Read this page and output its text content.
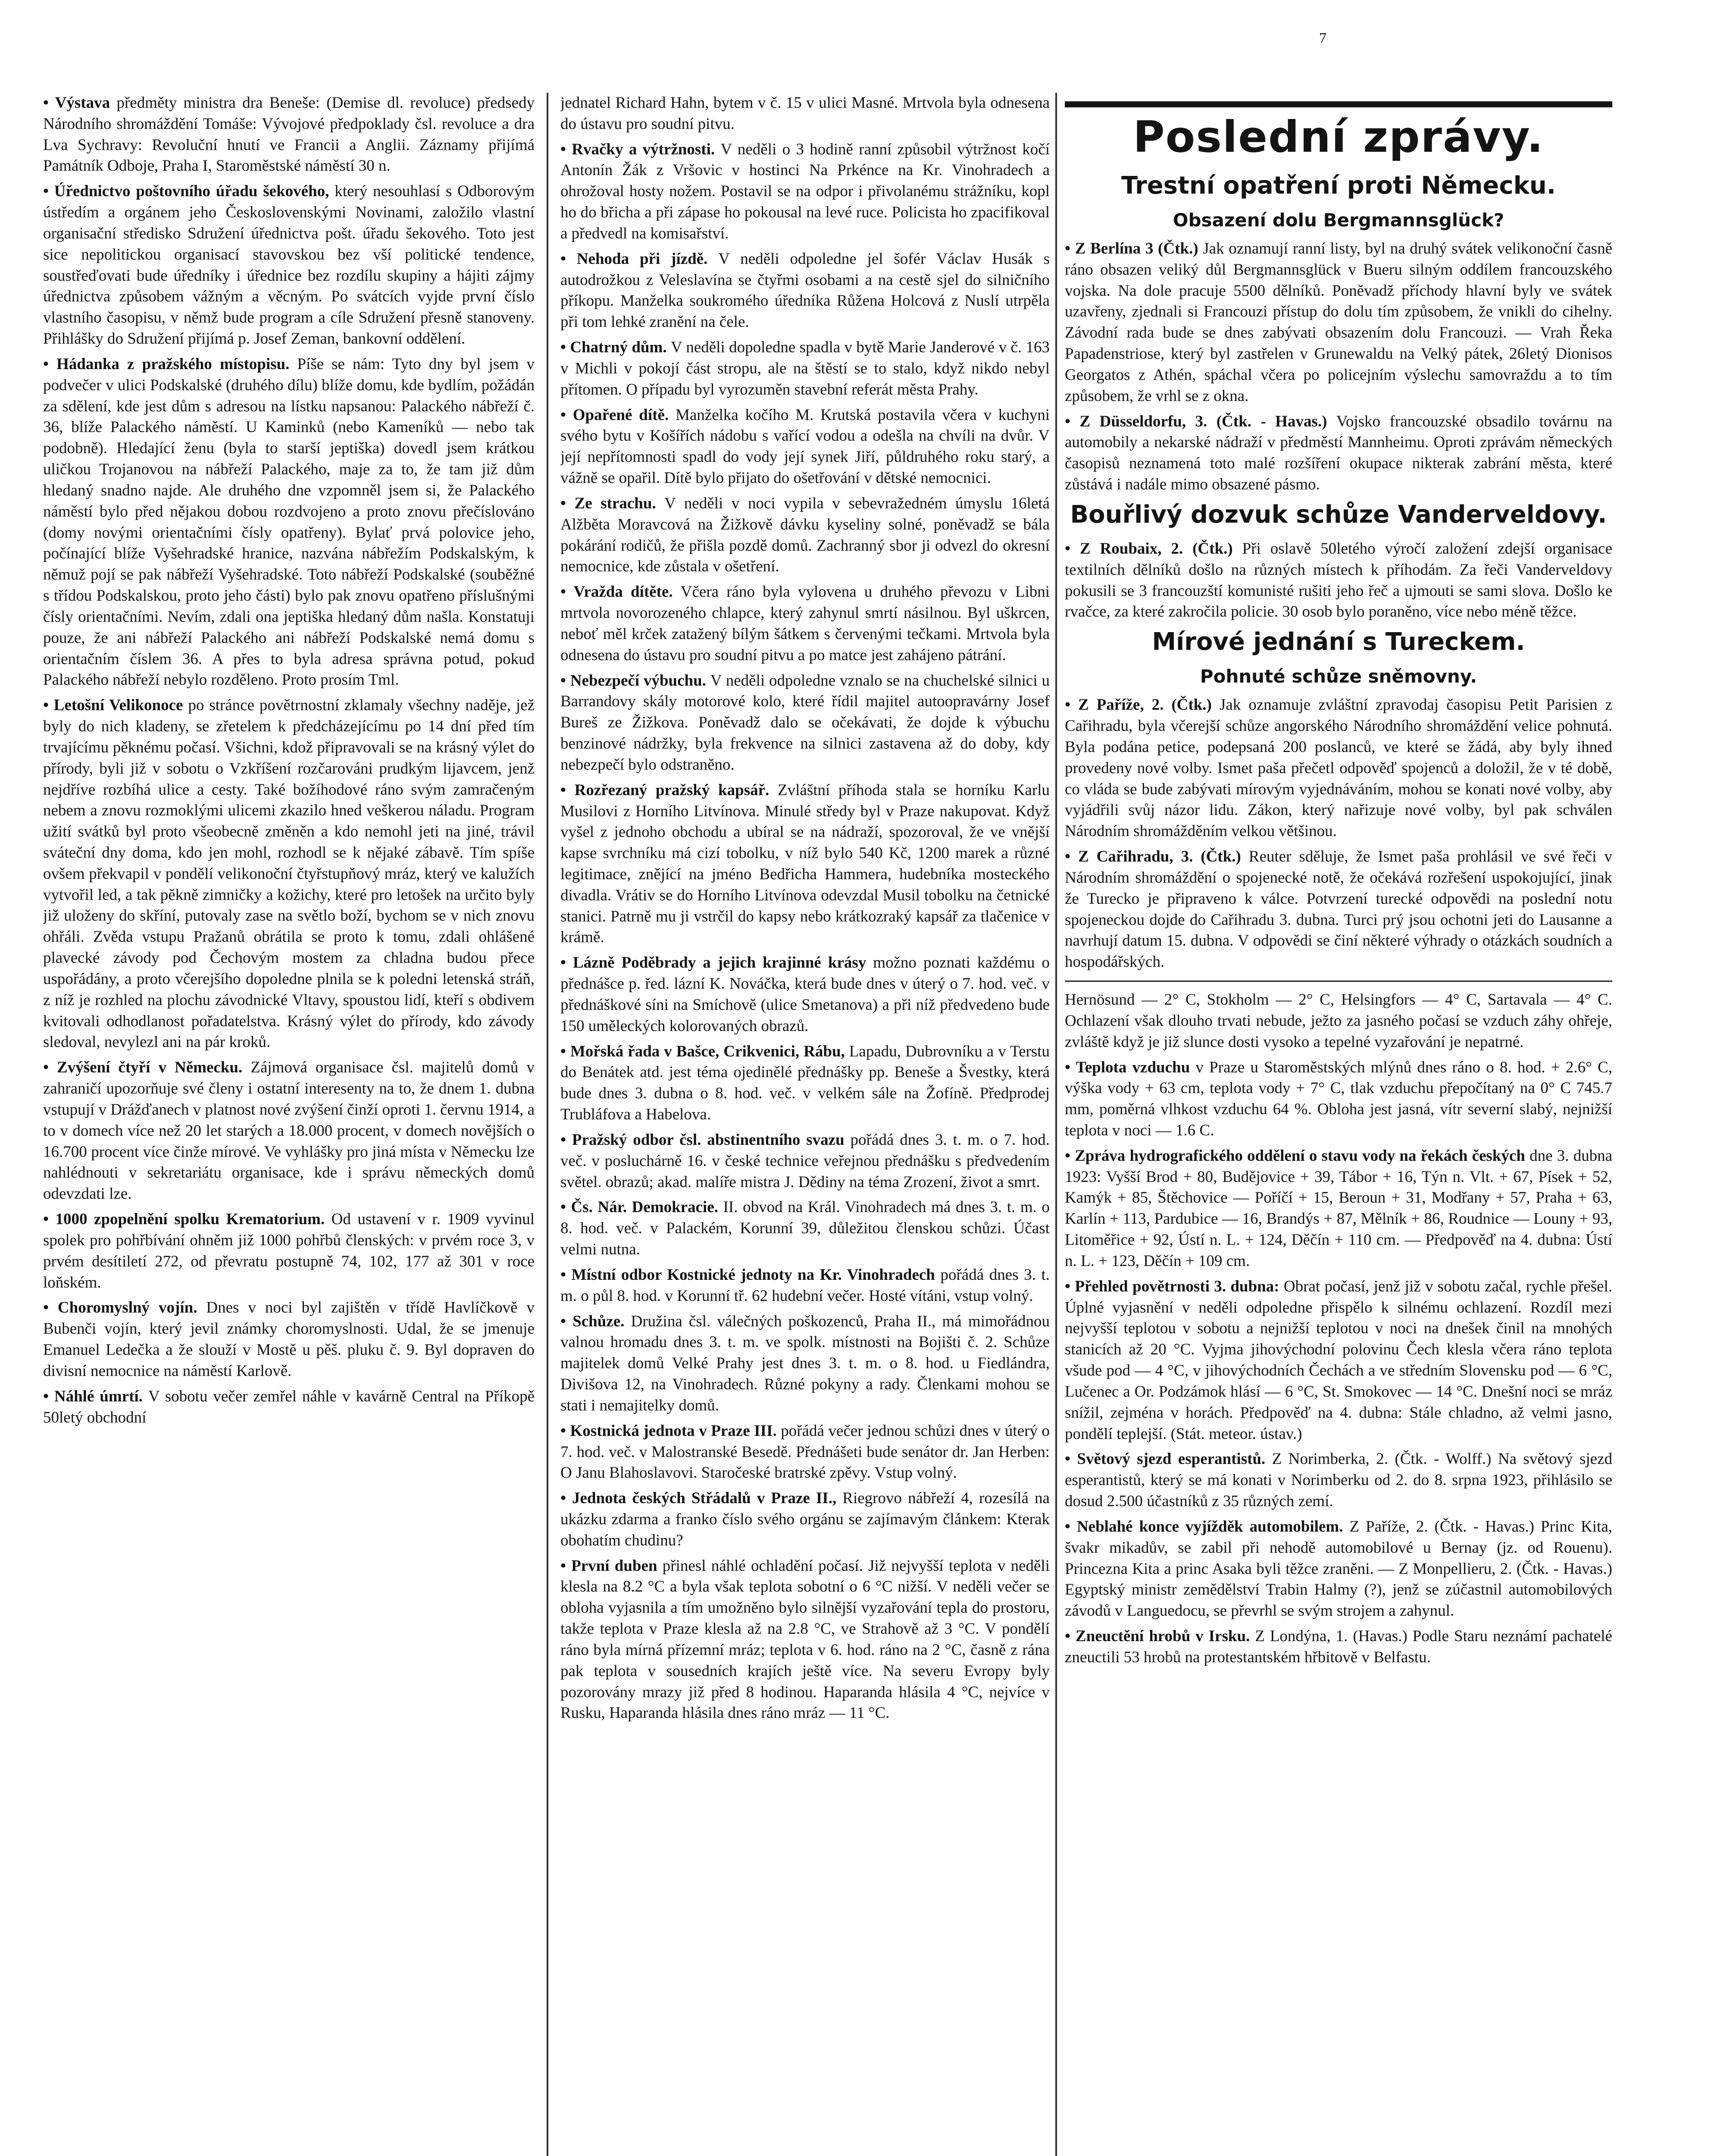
7

• Výstava předměty ministra dra Beneše: (Demise dl. revoluce) předsedy Národního shromáždění Tomáše: Vývojové předpoklady čsl. revoluce a dra Lva Sychravy: Revoluční hnutí ve Francii a Anglii. Záznamy přijímá Památník Odboje, Praha I, Staroměstské náměstí 30 n.

• Úřednictvo poštovního úřadu šekového, který nesouhlasí s Odborovým ústředím a orgánem jeho Československými Novinami, založilo vlastní organisační středisko Sdružení úřednictva pošt. úřadu šekového. Toto jest sice nepolitickou organisací stavovskou bez vší politické tendence, soustřeďovati bude úředníky i úřednice bez rozdílu skupiny a hájiti zájmy úřednictva způsobem vážným a věcným. Po svátcích vyjde první číslo vlastního časopisu, v němž bude program a cíle Sdružení přesně stanoveny. Přihlášky do Sdružení přijímá p. Josef Zeman, bankovní oddělení.

• Hádanka z pražského místopisu. Píše se nám: Tyto dny byl jsem v podvečer v ulici Podskalské (druhého dílu) blíže domu, kde bydlím, požádán za sdělení, kde jest dům s adresou na lístku napsanou: Palackého nábřeží č. 36, blíže Palackého náměstí. U Kaminků (nebo Kameníků — nebo tak podobně). Hledající ženu (byla to starší jeptiška) dovedl jsem krátkou uličkou Trojanovou na nábřeží Palackého, maje za to, že tam již dům hledaný snadno najde. Ale druhého dne vzpomněl jsem si, že Palackého náměstí bylo před nějakou dobou rozdvojeno a proto znovu přečíslováno (domy novými orientačními čísly opatřeny). Bylať prvá polovice jeho, počínající blíže Vyšehradské hranice, nazvána nábřežím Podskalským, k němuž pojí se pak nábřeží Vyšehradské. Toto nábřeží Podskalské (souběžné s třídou Podskalskou, proto jeho části) bylo pak znovu opatřeno příslušnými čísly orientačními. Nevím, zdali ona jeptiška hledaný dům našla. Konstatuji pouze, že ani nábřeží Palackého ani nábřeží Podskalské nemá domu s orientačním číslem 36. A přes to byla adresa správna potud, pokud Palackého nábřeží nebylo rozděleno. Proto prosím Tml.

• Letošní Velikonoce po stránce povětrnostní zklamaly všechny naděje, jež byly do nich kladeny, se zřetelem k předcházejícímu po 14 dní před tím trvajícímu pěknému počasí. Všichni, kdož připravovali se na krásný výlet do přírody, byli již v sobotu o Vzkříšení rozčarováni prudkým lijavcem, jenž nejdříve rozbíhá ulice a cesty. Také božíhodové ráno svým zamračeným nebem a znovu rozmoklými ulicemi zkazilo hned veškerou náladu. Program užití svátků byl proto všeobecně změněn a kdo nemohl jeti na jiné, trávil sváteční dny doma, kdo jen mohl, rozhodl se k nějaké zábavě. Tím spíše ovšem překvapil v pondělí velikonoční čtyřstupňový mráz, který ve kalužích vytvořil led, a tak pěkně zimničky a kožichy, které pro letošek na určito byly již uloženy do skříní, putovaly zase na světlo boží, bychom se v nich znovu ohřáli. Zvěda vstupu Pražanů obrátila se proto k tomu, zdali ohlášené plavecké závody pod Čechovým mostem za chladna budou přece uspořádány, a proto včerejšího dopoledne plnila se k poledni letenská stráň, z níž je rozhled na plochu závodnické Vltavy, spoustou lidí, kteří s obdivem kvitovali odhodlanost pořadatelstva. Krásný výlet do přírody, kdo závody sledoval, nevylezl ani na pár kroků.

• Zvýšení čtyří v Německu. Zájmová organisace čsl. majitelů domů v zahraničí upozorňuje své členy i ostatní interesenty na to, že dnem 1. dubna vstupují v Drážďanech v platnost nové zvýšení činží oproti 1. červnu 1914, a to v domech více než 20 let starých a 18.000 procent, v domech novějších o 16.700 procent více činže mírové. Ve vyhlášky pro jiná místa v Německu lze nahlédnouti v sekretariátu organisace, kde i správu německých domů odevzdati lze.

• 1000 zpopelnění spolku Krematorium. Od ustavení v r. 1909 vyvinul spolek pro pohřbívání ohněm již 1000 pohřbů členských: v prvém roce 3, v prvém desítiletí 272, od převratu postupně 74, 102, 177 až 301 v roce loňském.

• Choromyslný vojín. Dnes v noci byl zajištěn v třídě Havlíčkově v Bubenči vojín, který jevil známky choromyslnosti. Udal, že se jmenuje Emanuel Ledečka a že slouží v Mostě u pěš. pluku č. 9. Byl dopraven do divisní nemocnice na náměstí Karlově.

• Náhlé úmrtí. V sobotu večer zemřel náhle v kavárně Central na Příkopě 50letý obchodní

jednatel Richard Hahn, bytem v č. 15 v ulici Masné. Mrtvola byla odnesena do ústavu pro soudní pitvu.

• Rvačky a výtržnosti. V neděli o 3 hodině ranní způsobil výtržnost kočí Antonín Žák z Vršovic v hostinci Na Prkénce na Kr. Vinohradech a ohrožoval hosty nožem. Postavil se na odpor i přivolanému strážníku, kopl ho do břicha a při zápase ho pokousal na levé ruce. Policista ho zpacifikoval a předvedl na komisařství.

• Nehoda při jízdě. V neděli odpoledne jel šofér Václav Husák s autodrožkou z Veleslavína se čtyřmi osobami a na cestě sjel do silničního příkopu. Manželka soukromého úředníka Růžena Holcová z Nuslí utrpěla při tom lehké zranění na čele.

• Chatrný dům. V neděli dopoledne spadla v bytě Marie Janderové v č. 163 v Michli v pokojí část stropu, ale na štěstí se to stalo, když nikdo nebyl přítomen. O případu byl vyrozuměn stavební referát města Prahy.

• Opařené dítě. Manželka kočího M. Krutská postavila včera v kuchyni svého bytu v Košířích nádobu s vařící vodou a odešla na chvíli na dvůr. V její nepřítomnosti spadl do vody její synek Jiří, půldruhého roku starý, a vážně se opařil. Dítě bylo přijato do ošetřování v dětské nemocnici.

• Ze strachu. V neděli v noci vypila v sebevražedném úmyslu 16letá Alžběta Moravcová na Žižkově dávku kyseliny solné, poněvadž se bála pokárání rodičů, že přišla pozdě domů. Zachranný sbor ji odvezl do okresní nemocnice, kde zůstala v ošetření.

• Vražda dítěte. Včera ráno byla vylovena u druhého převozu v Libni mrtvola novorozeného chlapce, který zahynul smrtí násilnou. Byl uškrcen, neboť měl krček zatažený bílým šátkem s červenými tečkami. Mrtvola byla odnesena do ústavu pro soudní pitvu a po matce jest zahájeno pátrání.

• Nebezpečí výbuchu. V neděli odpoledne vznalo se na chuchelské silnici u Barrandovy skály motorové kolo, které řídil majitel autoopravárny Josef Bureš ze Žižkova. Poněvadž dalo se očekávati, že dojde k výbuchu benzinové nádržky, byla frekvence na silnici zastavena až do doby, kdy nebezpečí bylo odstraněno.

• Rozřezaný pražský kapsář. Zvláštní příhoda stala se horníku Karlu Musilovi z Horního Litvínova. Minulé středy byl v Praze nakupovat. Když vyšel z jednoho obchodu a ubíral se na nádraží, spozoroval, že ve vnější kapse svrchníku má cizí tobolku, v níž bylo 540 Kč, 1200 marek a různé legitimace, znějící na jméno Bedřicha Hammera, hudebníka mosteckého divadla. Vrátiv se do Horního Litvínova odevzdal Musil tobolku na četnické stanici. Patrně mu ji vstrčil do kapsy nebo krátkozraký kapsář za tlačenice v krámě.

• Lázně Poděbrady a jejich krajinné krásy možno poznati každému o přednášce p. řed. lázní K. Nováčka, která bude dnes v úterý o 7. hod. več. v přednáškové síni na Smíchově (ulice Smetanova) a při níž předvedeno bude 150 uměleckých kolorovaných obrazů.

• Mořská řada v Bašce, Crikvenici, Rábu, Lapadu, Dubrovníku a v Terstu do Benátek atd. jest téma ojedinělé přednášky pp. Beneše a Švestky, která bude dnes 3. dubna o 8. hod. več. v velkém sále na Žofíně. Předprodej Trubláfova a Habelova.

• Pražský odbor čsl. abstinentního svazu pořádá dnes 3. t. m. o 7. hod. več. v posluchárně 16. v české technice veřejnou přednášku s předvedením světel. obrazů; akad. malíře mistra J. Dědiny na téma Zrození, život a smrt.

• Čs. Nár. Demokracie. II. obvod na Král. Vinohradech má dnes 3. t. m. o 8. hod. več. v Palackém, Korunní 39, důležitou členskou schůzi. Účast velmi nutna.

• Místní odbor Kostnické jednoty na Kr. Vinohradech pořádá dnes 3. t. m. o půl 8. hod. v Korunní tř. 62 hudební večer. Hosté vítáni, vstup volný.

• Schůze. Družina čsl. válečných poškozenců, Praha II., má mimořádnou valnou hromadu dnes 3. t. m. ve spolk. místnosti na Bojišti č. 2. Schůze majitelek domů Velké Prahy jest dnes 3. t. m. o 8. hod. u Fiedlándra, Divišova 12, na Vinohradech. Různé pokyny a rady. Členkami mohou se stati i nemajitelky domů.

• Kostnická jednota v Praze III. pořádá večer jednou schůzi dnes v úterý o 7. hod. več. v Malostranské Besedě. Přednášeti bude senátor dr. Jan Herben: O Janu Blahoslavovi. Staročeské bratrské zpěvy. Vstup volný.

• Jednota českých Střádalů v Praze II., Riegrovo nábřeží 4, rozesílá na ukázku zdarma a franko číslo svého orgánu se zajímavým článkem: Kterak obohatím chudinu?

• První duben přinesl náhlé ochladění počasí. Již nejvyšší teplota v neděli klesla na 8.2 °C a byla však teplota sobotní o 6 °C nižší. V neděli večer se obloha vyjasnila a tím umožněno bylo silnější vyzařování tepla do prostoru, takže teplota v Praze klesla až na 2.8 °C, ve Strahově až 3 °C. V pondělí ráno byla mírná přízemní mráz; teplota v 6. hod. ráno na 2 °C, časně z rána pak teplota v sousedních krajích ještě více. Na severu Evropy byly pozorovány mrazy již před 8 hodinou. Haparanda hlásila 4 °C, nejvíce v Rusku, Haparanda hlásila dnes ráno mráz — 11 °C.

Poslední zprávy.
Trestní opatření proti Německu.
Obsazení dolu Bergmannsglück?

• Z Berlína 3 (Čtk.) Jak oznamují ranní listy, byl na druhý svátek velikonoční časně ráno obsazen veliký důl Bergmannsglück v Bueru silným oddílem francouzského vojska. Na dole pracuje 5500 dělníků. Poněvadž příchody hlavní byly ve svátek uzavřeny, zjednali si Francouzi přístup do dolu tím způsobem, že vnikli do cihelny. Závodní rada bude se dnes zabývati obsazením dolu Francouzi. — Vrah Řeka Papadenstriose, který byl zastřelen v Grunewaldu na Velký pátek, 26letý Dionisos Georgatos z Athén, spáchal včera po policejním výslechu samovraždu a to tím způsobem, že vrhl se z okna.

• Z Düsseldorfu, 3. (Čtk. - Havas.) Vojsko francouzské obsadilo továrnu na automobily a nekarské nádraží v předměstí Mannheimu. Oproti zprávám německých časopisů neznamená toto malé rozšíření okupace nikterak zabrání města, které zůstává i nadále mimo obsazené pásmo.

Bouřlivý dozvuk schůze Vanderveldovy.

• Z Roubaix, 2. (Čtk.) Při oslavě 50letého výročí založení zdejší organisace textilních dělníků došlo na různých místech k příhodám. Za řeči Vanderveldovy pokusili se 3 francouzští komunisté rušiti jeho řeč a ujmouti se sami slova. Došlo ke rvačce, za které zakročila policie. 30 osob bylo poraněno, více nebo méně těžce.

Mírové jednání s Tureckem.
Pohnuté schůze sněmovny.

• Z Paříže, 2. (Čtk.) Jak oznamuje zvláštní zpravodaj časopisu Petit Parisien z Cařihradu, byla včerejší schůze angorského Národního shromáždění velice pohnutá. Byla podána petice, podepsaná 200 poslanců, ve které se žádá, aby byly ihned provedeny nové volby. Ismet paša přečetl odpověď spojenců a doložil, že v té době, co vláda se bude zabývati mírovým vyjednáváním, mohou se konati nové volby, aby vyjádřili svůj názor lidu. Zákon, který nařizuje nové volby, byl pak schválen Národním shromážděním velkou většinou.

• Z Cařihradu, 3. (Čtk.) Reuter sděluje, že Ismet paša prohlásil ve své řeči v Národním shromáždění o spojenecké notě, že očekává rozřešení uspokojující, jinak že Turecko je připraveno k válce. Potvrzení turecké odpovědi na poslední notu spojeneckou dojde do Cařihradu 3. dubna. Turci prý jsou ochotni jeti do Lausanne a navrhují datum 15. dubna. V odpovědi se činí některé výhrady o otázkách soudních a hospodářských.

Hernösund — 2° C, Stokholm — 2° C, Helsingfors — 4° C, Sartavala — 4° C. Ochlazení však dlouho trvati nebude, ježto za jasného počasí se vzduch záhy ohřeje, zvláště když je již slunce dosti vysoko a tepelné vyzařování je nepatrné.

• Teplota vzduchu v Praze u Staroměstských mlýnů dnes ráno o 8. hod. + 2.6° C, výška vody + 63 cm, teplota vody + 7° C, tlak vzduchu přepočítaný na 0° C 745.7 mm, poměrná vlhkost vzduchu 64 %. Obloha jest jasná, vítr severní slabý, nejnižší teplota v noci — 1.6 C.

• Zpráva hydrografického oddělení o stavu vody na řekách českých dne 3. dubna 1923: Vyšší Brod + 80, Budějovice + 39, Tábor + 16, Týn n. Vlt. + 67, Písek + 52, Kamýk + 85, Štěchovice — Poříčí + 15, Beroun + 31, Modřany + 57, Praha + 63, Karlín + 113, Pardubice — 16, Brandýs + 87, Mělník + 86, Roudnice — Louny + 93, Litoměřice + 92, Ústí n. L. + 124, Děčín + 110 cm. — Předpověď na 4. dubna: Ústí n. L. + 123, Děčín + 109 cm.

• Přehled povětrnosti 3. dubna: Obrat počasí, jenž již v sobotu začal, rychle přešel. Úplné vyjasnění v neděli odpoledne přispělo k silnému ochlazení. Rozdíl mezi nejvyšší teplotou v sobotu a nejnižší teplotou v noci na dnešek činil na mnohých stanicích až 20 °C. Vyjma jihovýchodní polovinu Čech klesla včera ráno teplota všude pod — 4 °C, v jihovýchodních Čechách a ve středním Slovensku pod — 6 °C, Lučenec a Or. Podzámok hlásí — 6 °C, St. Smokovec — 14 °C. Dnešní noci se mráz snížil, zejména v horách. Předpověď na 4. dubna: Stále chladno, až velmi jasno, pondělí teplejší. (Stát. meteor. ústav.)

• Světový sjezd esperantistů. Z Norimberka, 2. (Čtk. - Wolff.) Na světový sjezd esperantistů, který se má konati v Norimberku od 2. do 8. srpna 1923, přihlásilo se dosud 2.500 účastníků z 35 různých zemí.

• Neblahé konce vyjížděk automobilem. Z Paříže, 2. (Čtk. - Havas.) Princ Kita, švakr mikadův, se zabil při nehodě automobilové u Bernay (jz. od Rouenu). Princezna Kita a princ Asaka byli těžce zraněni. — Z Monpellieru, 2. (Čtk. - Havas.) Egyptský ministr zemědělství Trabin Halmy (?), jenž se zúčastnil automobilových závodů v Languedocu, se převrhl se svým strojem a zahynul.

• Zneuctění hrobů v Irsku. Z Londýna, 1. (Havas.) Podle Staru neznámí pachatelé zneuctili 53 hrobů na protestantském hřbitově v Belfastu.
